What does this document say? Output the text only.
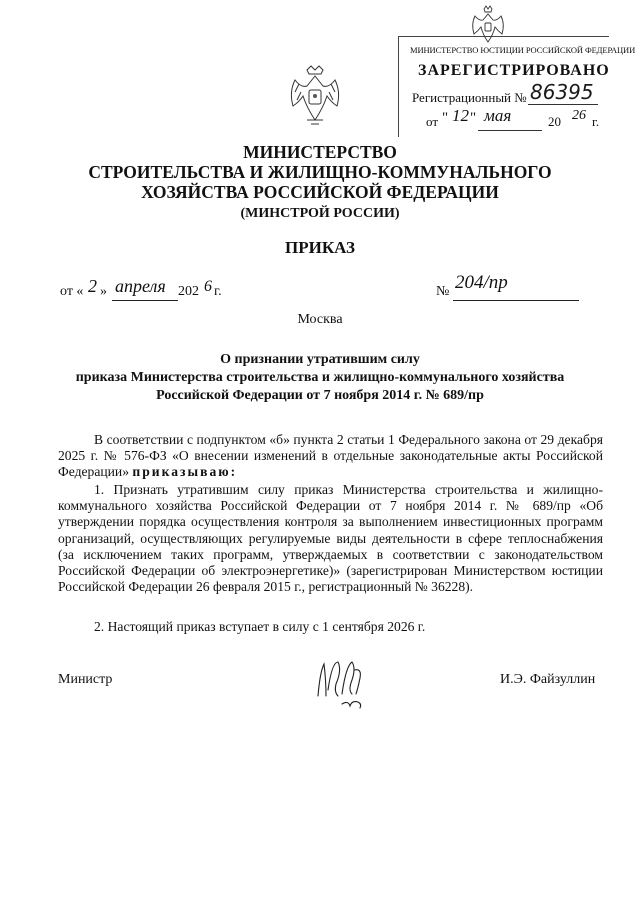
МИНИСТЕРСТВО ЮСТИЦИИ РОССИЙСКОЙ ФЕДЕРАЦИИ
ЗАРЕГИСТРИРОВАНО
Регистрационный № 86395
от " 12 " мая	20 26 г.
МИНИСТЕРСТВО
СТРОИТЕЛЬСТВА И ЖИЛИЩНО-КОММУНАЛЬНОГО
ХОЗЯЙСТВА РОССИЙСКОЙ ФЕДЕРАЦИИ
(МИНСТРОЙ РОССИИ)
ПРИКАЗ
от « 2 » апреля 202 6 г.	№ 204/пр
Москва
О признании утратившим силу
приказа Министерства строительства и жилищно-коммунального хозяйства
Российской Федерации от 7 ноября 2014 г. № 689/пр
В соответствии с подпунктом «б» пункта 2 статьи 1 Федерального закона от 29 декабря 2025 г. № 576-ФЗ «О внесении изменений в отдельные законодательные акты Российской Федерации» приказываю:
1. Признать утратившим силу приказ Министерства строительства и жилищно-коммунального хозяйства Российской Федерации от 7 ноября 2014 г. № 689/пр «Об утверждении порядка осуществления контроля за выполнением инвестиционных программ организаций, осуществляющих регулируемые виды деятельности в сфере теплоснабжения (за исключением таких программ, утверждаемых в соответствии с законодательством Российской Федерации об электроэнергетике)» (зарегистрирован Министерством юстиции Российской Федерации 26 февраля 2015 г., регистрационный № 36228).
2. Настоящий приказ вступает в силу с 1 сентября 2026 г.
Министр	И.Э. Файзуллин
